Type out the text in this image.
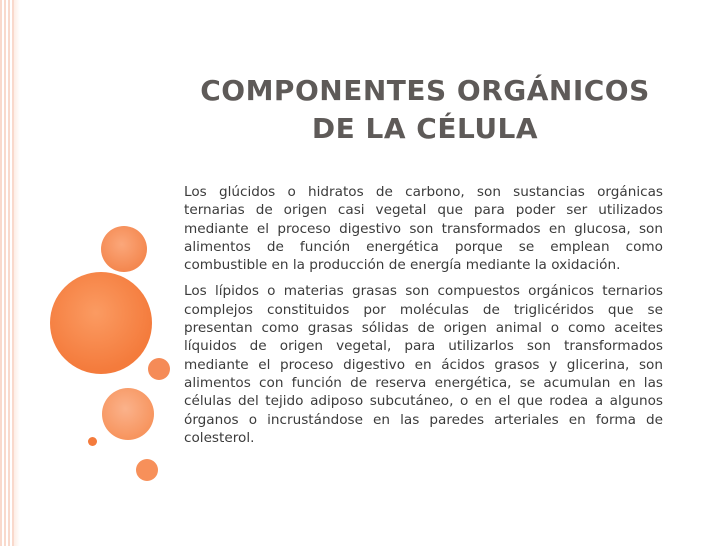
COMPONENTES ORGÁNICOS
DE LA CÉLULA

Los glúcidos o hidratos de carbono, son sustancias orgánicas ternarias de origen casi vegetal que para poder ser utilizados mediante el proceso digestivo son transformados en glucosa, son alimentos de función energética porque se emplean como combustible en la producción de energía mediante la oxidación.

Los lípidos o materias grasas son compuestos orgánicos ternarios complejos constituidos por moléculas de triglicéridos que se presentan como grasas sólidas de origen animal o como aceites líquidos de origen vegetal, para utilizarlos son transformados mediante el proceso digestivo en ácidos grasos y glicerina, son alimentos con función de reserva energética, se acumulan en las células del tejido adiposo subcutáneo, o en el que rodea a algunos órganos o incrustándose en las paredes arteriales en forma de colesterol.
